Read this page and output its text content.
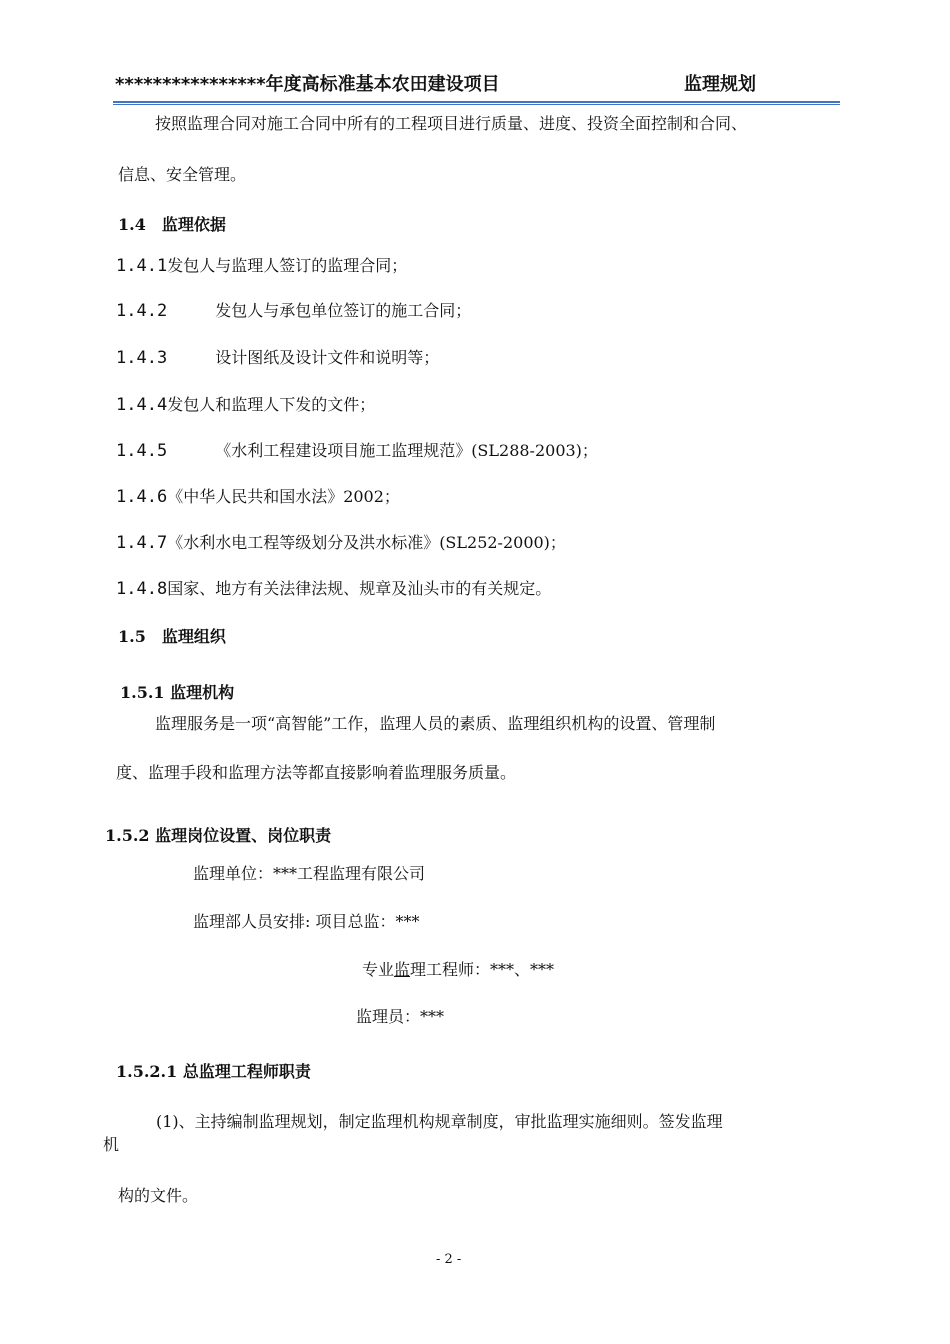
****************年度高标准基本农田建设项目	监理规划
按照监理合同对施工合同中所有的工程项目进行质量、进度、投资全面控制和合同、
信息、安全管理。
1.4　监理依据
1.4.1发包人与监理人签订的监理合同；
1.4.2	发包人与承包单位签订的施工合同；
1.4.3	设计图纸及设计文件和说明等；
1.4.4发包人和监理人下发的文件；
1.4.5	《水利工程建设项目施工监理规范》(SL288-2003)；
1.4.6《中华人民共和国水法》2002；
1.4.7《水利水电工程等级划分及洪水标准》(SL252-2000)；
1.4.8国家、地方有关法律法规、规章及汕头市的有关规定。
1.5　监理组织
1.5.1 监理机构
监理服务是一项“高智能”工作，监理人员的素质、监理组织机构的设置、管理制
度、监理手段和监理方法等都直接影响着监理服务质量。
1.5.2 监理岗位设置、岗位职责
监理单位：***工程监理有限公司
监理部人员安排: 项目总监：***
专业监理工程师：***、***
监理员：***
1.5.2.1 总监理工程师职责
(1)、主持编制监理规划，制定监理机构规章制度，审批监理实施细则。签发监理
机
构的文件。
- 2 -
